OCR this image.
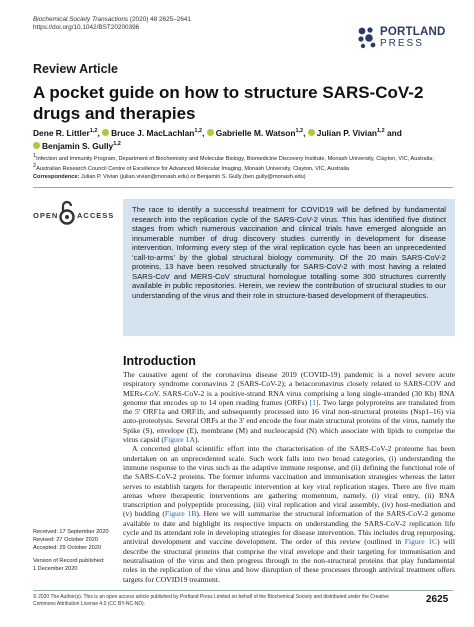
Biochemical Society Transactions (2020) 48 2625–2641
https://doi.org/10.1042/BST20200396	PORTLAND
PRESS
Review Article
A pocket guide on how to structure SARS-CoV-2 drugs and therapies
Dene R. Littler$^{1,2}$, Bruce J. MacLachlan$^{1,2}$, Gabrielle M. Watson$^{1,2}$, Julian P. Vivian$^{1,2}$ and
Benjamin S. Gully$^{1,2}$
$^1$Infection and Immunity Program, Department of Biochemistry and Molecular Biology, Biomedicine Discovery Institute, Monash University, Clayton, VIC, Australia; $^2$Australian Research Council Centre of Excellence for Advanced Molecular Imaging, Monash University, Clayton, VIC, Australia
Correspondence: Julian P. Vivian (julian.vivian@monash.edu) or Benjamin S. Gully (ben.gully@monash.edu)
OPEN ACCESS
The race to identify a successful treatment for COVID19 will be defined by fundamental research into the replication cycle of the SARS-CoV-2 virus. This has identified five distinct stages from which numerous vaccination and clinical trials have emerged alongside an innumerable number of drug discovery studies currently in development for disease intervention. Informing every step of the viral replication cycle has been an unprecedented ‘call-to-arms’ by the global structural biology community. Of the 20 main SARS-CoV-2 proteins, 13 have been resolved structurally for SARS-CoV-2 with most having a related SARS-CoV and MERS-CoV structural homologue totalling some 300 structures currently available in public repositories. Herein, we review the contribution of structural studies to our understanding of the virus and their role in structure-based development of therapeutics.
Introduction

The causative agent of the coronavirus disease 2019 (COVID-19) pandemic is a novel severe acute respiratory syndrome coronavirus 2 (SARS-CoV-2); a betacoronavirus closely related to SARS-COV and MERs-CoV. SARS-CoV-2 is a positive-strand RNA virus comprising a long single-stranded (30 Kb) RNA genome that encodes up to 14 open reading frames (ORFs) [1]. Two large polyproteins are translated from the 5′ ORF1a and ORF1b, and subsequently processed into 16 viral non-structural proteins (Nsp1–16) via auto-proteolysis. Several ORFs at the 3′ end encode the four main structural proteins of the virus, namely the Spike (S), envelope (E), membrane (M) and nucleocapsid (N) which associate with lipids to comprise the virus capsid (Figure 1A).

A concerted global scientific effort into the characterisation of the SARS-CoV-2 proteome has been undertaken on an unprecedented scale. Such work falls into two broad categories, (i) understanding the immune response to the virus such as the adaptive immune response, and (ii) defining the functional role of the SARS-CoV-2 proteins. The former informs vaccination and immunisation strategies whereas the latter serves to establish targets for therapeutic intervention at key viral replication stages. There are five main arenas where therapeutic interventions are gathering momentum, namely, (i) viral entry, (ii) RNA transcription and polypeptide processing, (iii) viral replication and viral assembly, (iv) host-mediation and (v) budding (Figure 1B). Here we will summarise the structural information of the SARS-CoV-2 genome available to date and highlight its respective impacts on understanding the SARS-CoV-2 replication life cycle and its attendant role in developing strategies for disease intervention. This includes drug repurposing, antiviral development and vaccine development. The order of this review (outlined in Figure 1C) will describe the structural proteins that comprise the viral envelope and their targeting for immunisation and neutralisation of the virus and then progress through to the non-structural proteins that play fundamental roles in the replication of the virus and how disruption of these processes through antiviral treatment offers targets for COVID19 treatment.

Received: 17 September 2020
Revised: 27 October 2020
Accepted: 29 October 2020
Version of Record published:
1 December 2020
© 2020 The Author(s). This is an open access article published by Portland Press Limited on behalf of the Biochemical Society and distributed under the Creative Commons Attribution License 4.0 (CC BY-NC-ND).	2625
